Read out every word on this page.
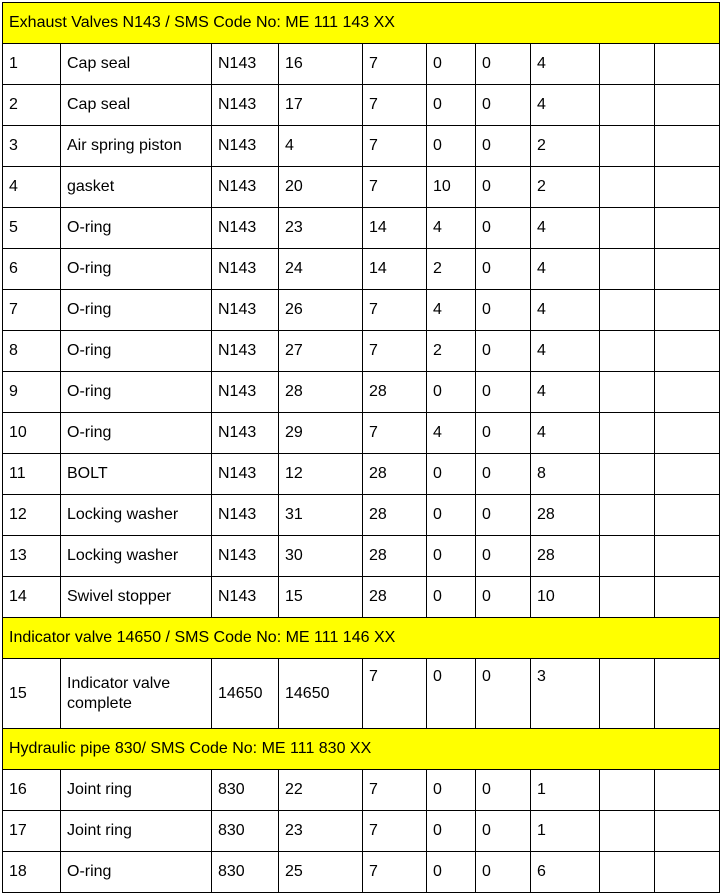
Exhaust Valves N143 / SMS Code No: ME 111 143 XX									
1	Cap seal	N143	16	7	0	0	4		
2	Cap seal	N143	17	7	0	0	4		
3	Air spring piston	N143	4	7	0	0	2		
4	gasket	N143	20	7	10	0	2		
5	O-ring	N143	23	14	4	0	4		
6	O-ring	N143	24	14	2	0	4		
7	O-ring	N143	26	7	4	0	4		
8	O-ring	N143	27	7	2	0	4		
9	O-ring	N143	28	28	0	0	4		
10	O-ring	N143	29	7	4	0	4		
11	BOLT	N143	12	28	0	0	8		
12	Locking washer	N143	31	28	0	0	28		
13	Locking washer	N143	30	28	0	0	28		
14	Swivel stopper	N143	15	28	0	0	10		
Indicator valve 14650 / SMS Code No: ME 111 146 XX									
15	Indicator valve complete	14650	14650	7	0	0	3		
Hydraulic pipe 830/ SMS Code No: ME 111 830 XX									
16	Joint ring	830	22	7	0	0	1		
17	Joint ring	830	23	7	0	0	1		
18	O-ring	830	25	7	0	0	6		
